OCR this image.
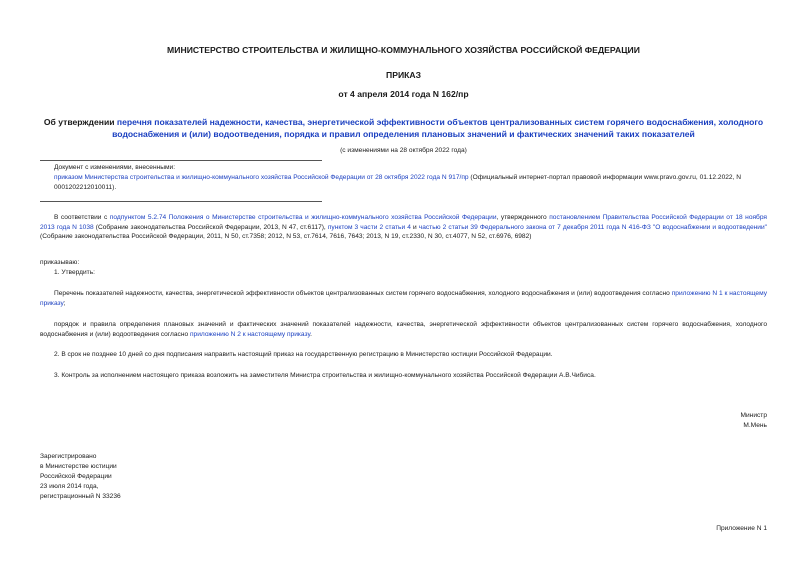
МИНИСТЕРСТВО СТРОИТЕЛЬСТВА И ЖИЛИЩНО-КОММУНАЛЬНОГО ХОЗЯЙСТВА РОССИЙСКОЙ ФЕДЕРАЦИИ
ПРИКАЗ
от 4 апреля 2014 года N 162/пр
Об утверждении перечня показателей надежности, качества, энергетической эффективности объектов централизованных систем горячего водоснабжения, холодного водоснабжения и (или) водоотведения, порядка и правил определения плановых значений и фактических значений таких показателей
(с изменениями на 28 октября 2022 года)
Документ с изменениями, внесенными:
приказом Министерства строительства и жилищно-коммунального хозяйства Российской Федерации от 28 октября 2022 года N 917/пр (Официальный интернет-портал правовой информации www.pravo.gov.ru, 01.12.2022, N 0001202212010011).
В соответствии с подпунктом 5.2.74 Положения о Министерстве строительства и жилищно-коммунального хозяйства Российской Федерации, утвержденного постановлением Правительства Российской Федерации от 18 ноября 2013 года N 1038 (Собрание законодательства Российской Федерации, 2013, N 47, ст.6117), пунктом 3 части 2 статьи 4 и частью 2 статьи 39 Федерального закона от 7 декабря 2011 года N 416-ФЗ "О водоснабжении и водоотведении" (Собрание законодательства Российской Федерации, 2011, N 50, ст.7358; 2012, N 53, ст.7614, 7616, 7643; 2013, N 19, ст.2330, N 30, ст.4077, N 52, ст.6976, 6982)
приказываю:
1. Утвердить:
Перечень показателей надежности, качества, энергетической эффективности объектов централизованных систем горячего водоснабжения, холодного водоснабжения и (или) водоотведения согласно приложению N 1 к настоящему приказу;
порядок и правила определения плановых значений и фактических значений показателей надежности, качества, энергетической эффективности объектов централизованных систем горячего водоснабжения, холодного водоснабжения и (или) водоотведения согласно приложению N 2 к настоящему приказу.
2. В срок не позднее 10 дней со дня подписания направить настоящий приказ на государственную регистрацию в Министерство юстиции Российской Федерации.
3. Контроль за исполнением настоящего приказа возложить на заместителя Министра строительства и жилищно-коммунального хозяйства Российской Федерации А.В.Чибиса.
Министр
М.Мень
Зарегистрировано
в Министерстве юстиции
Российской Федерации
23 июля 2014 года,
регистрационный N 33236
Приложение N 1
